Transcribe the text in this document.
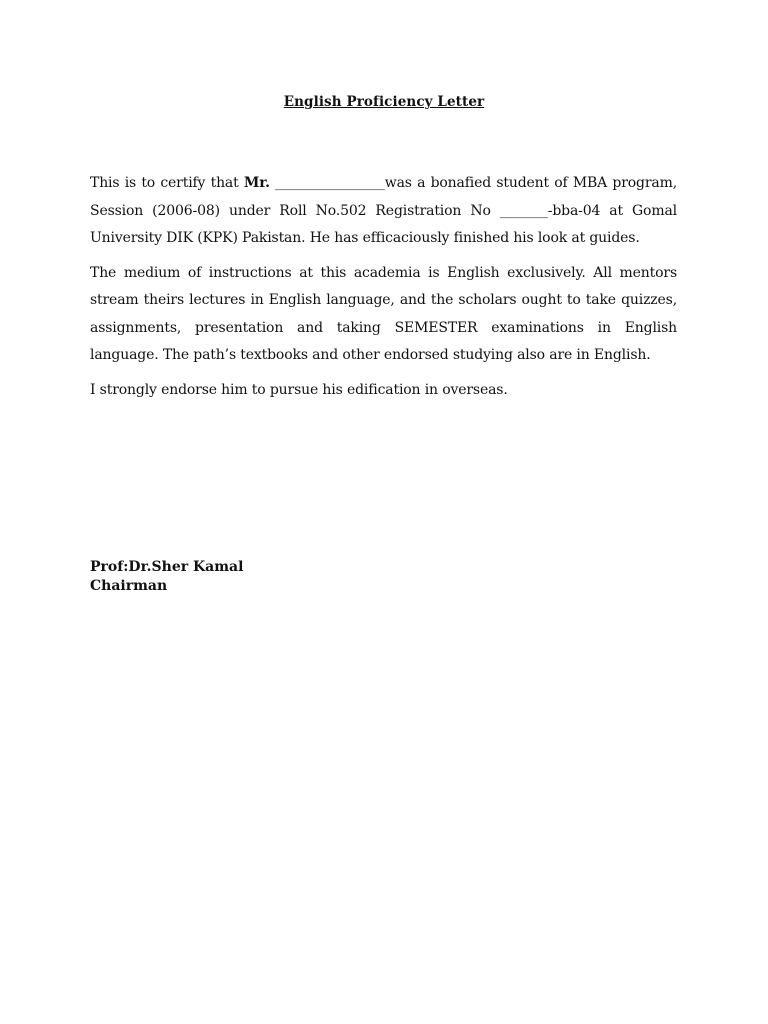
English Proficiency Letter

This is to certify that Mr. ________________was a bonafied student of MBA program, Session (2006-08) under Roll No.502 Registration No _______-bba-04 at Gomal University DIK (KPK) Pakistan. He has efficaciously finished his look at guides.

The medium of instructions at this academia is English exclusively. All mentors stream theirs lectures in English language, and the scholars ought to take quizzes, assignments, presentation and taking SEMESTER examinations in English language. The path’s textbooks and other endorsed studying also are in English.

I strongly endorse him to pursue his edification in overseas.

Prof:Dr.Sher Kamal
Chairman
